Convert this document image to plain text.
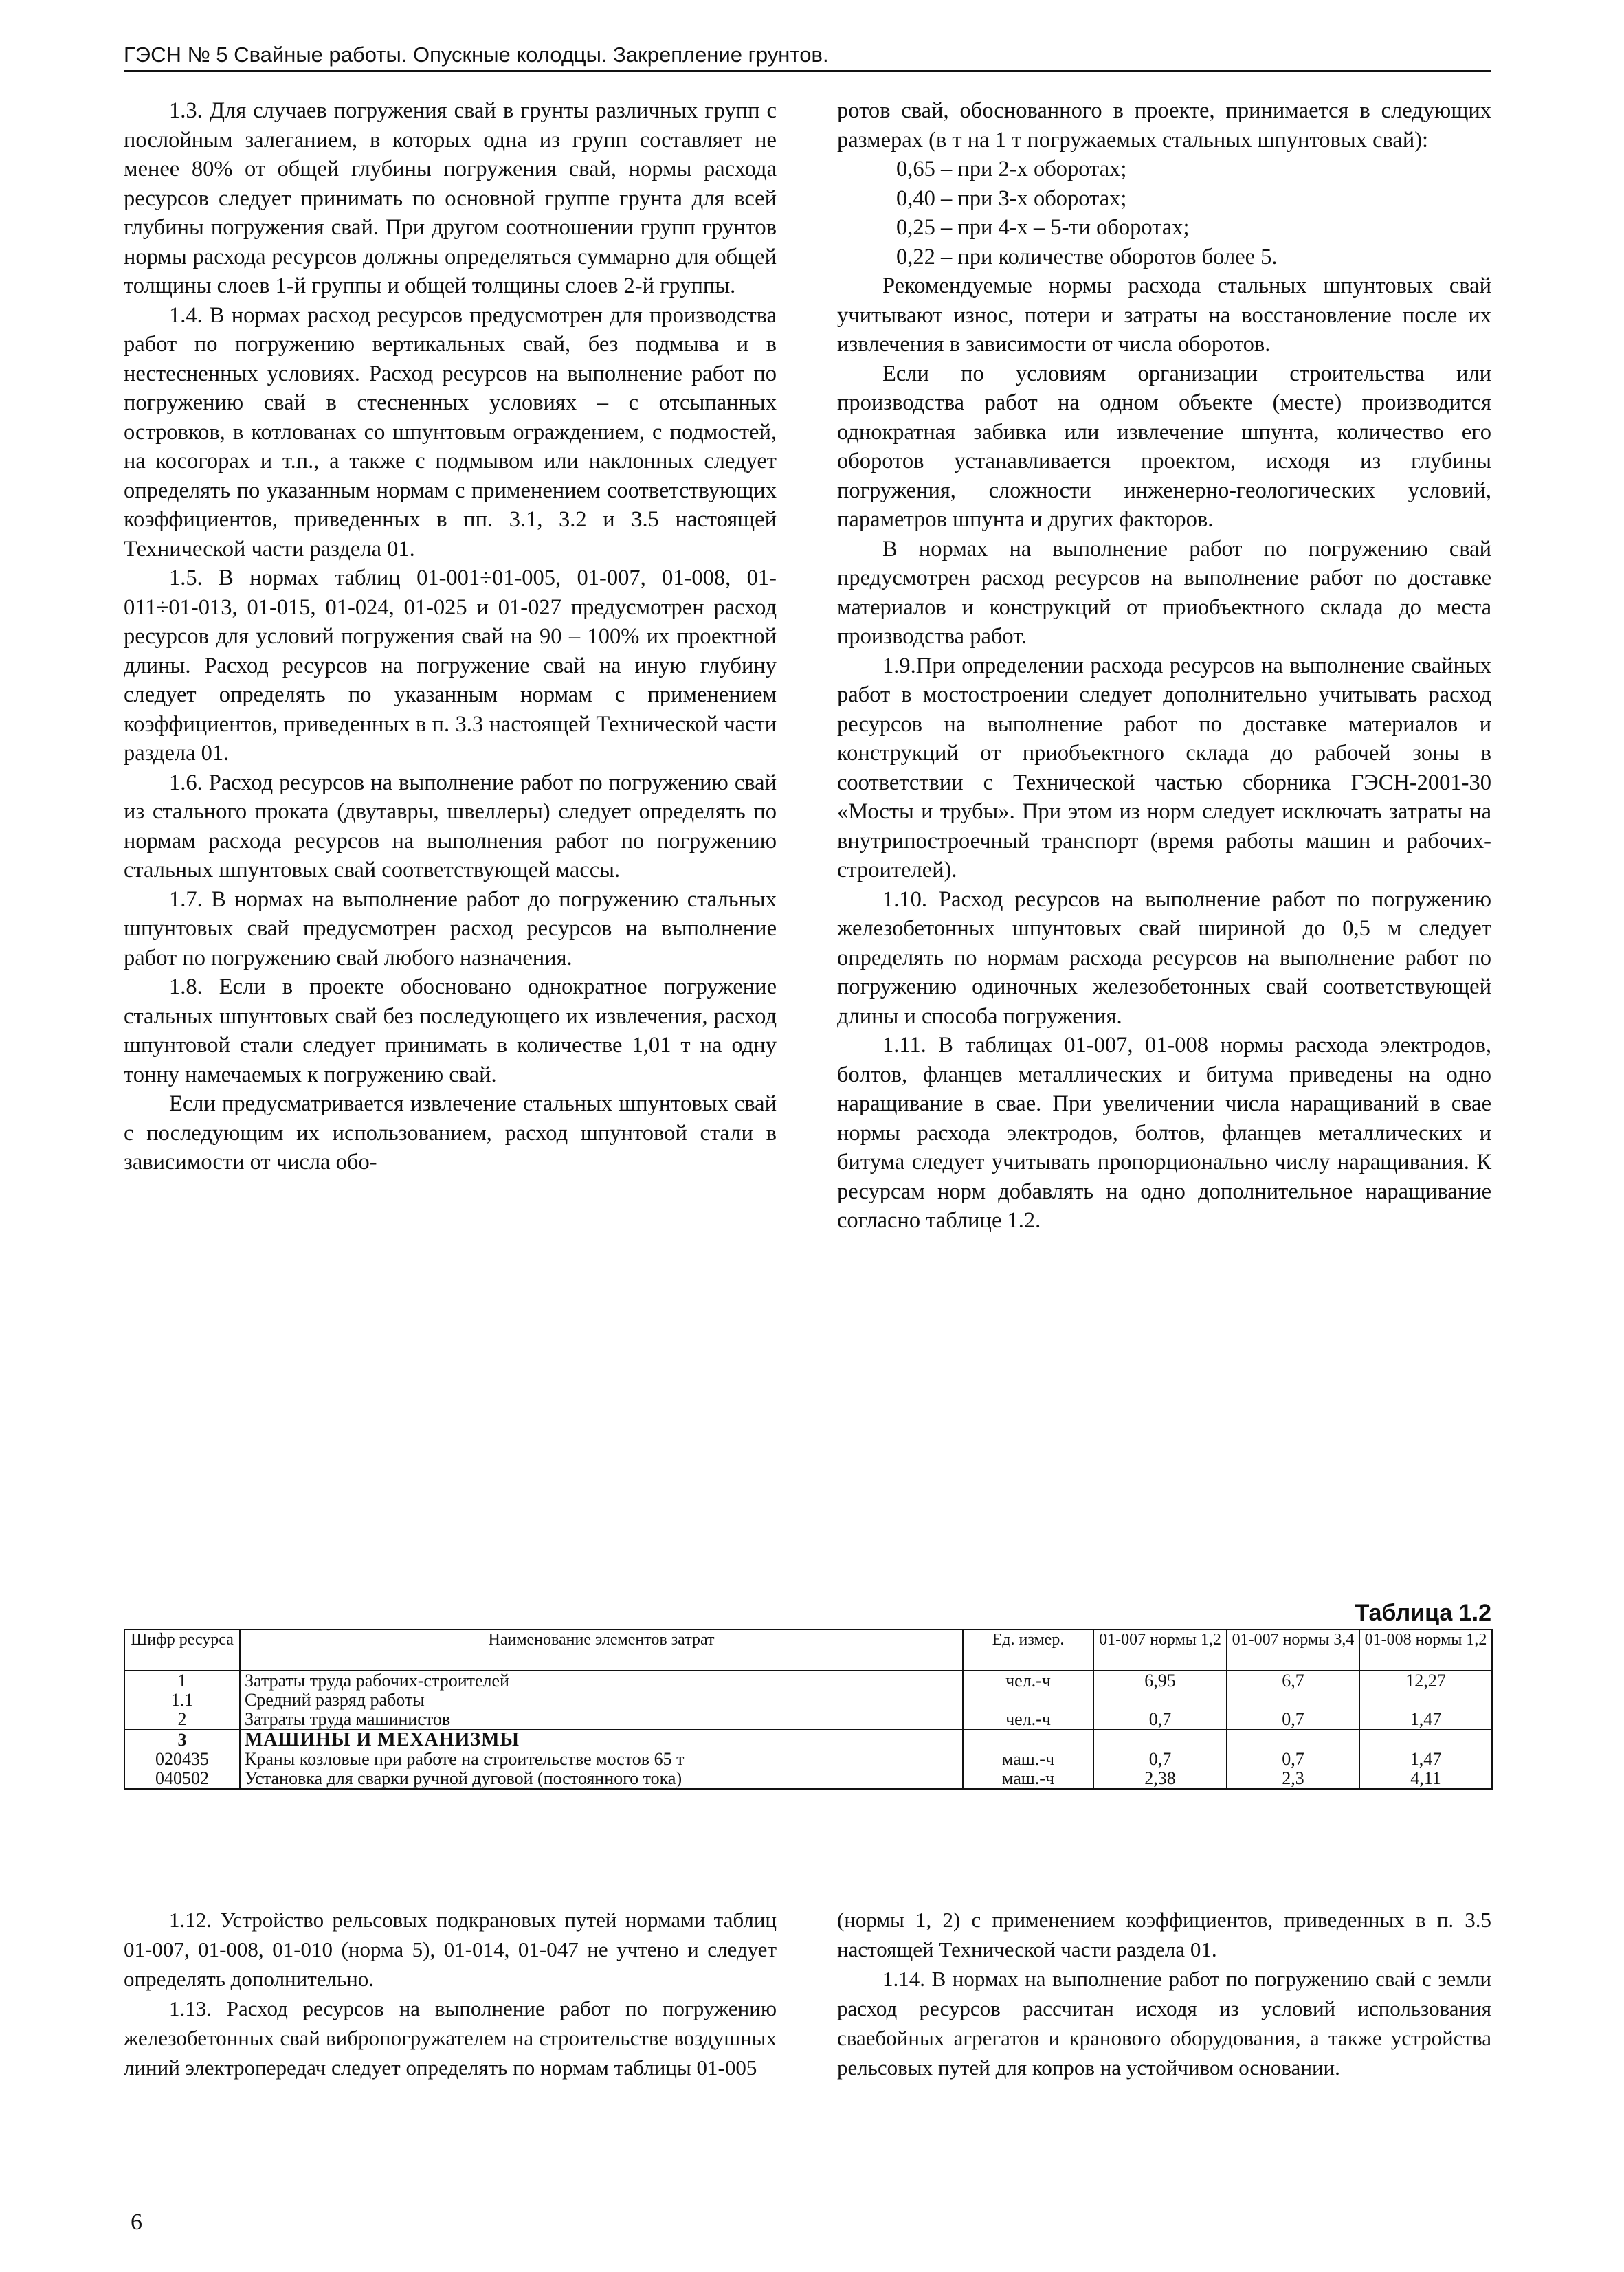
ГЭСН № 5 Свайные работы. Опускные колодцы. Закрепление грунтов.

1.3. Для случаев погружения свай в грунты различных групп с послойным залеганием, в которых одна из групп составляет не менее 80% от общей глубины погружения свай, нормы расхода ресурсов следует принимать по основной группе грунта для всей глубины погружения свай. При другом соотношении групп грунтов нормы расхода ресурсов должны определяться суммарно для общей толщины слоев 1-й группы и общей толщины слоев 2-й группы.

1.4. В нормах расход ресурсов предусмотрен для производства работ по погружению вертикальных свай, без подмыва и в нестесненных условиях. Расход ресурсов на выполнение работ по погружению свай в стесненных условиях – с отсыпанных островков, в котлованах со шпунтовым ограждением, с подмостей, на косогорах и т.п., а также с подмывом или наклонных следует определять по указанным нормам с применением соответствующих коэффициентов, приведенных в пп. 3.1, 3.2 и 3.5 настоящей Технической части раздела 01.

1.5. В нормах таблиц 01-001÷01-005, 01-007, 01-008, 01-011÷01-013, 01-015, 01-024, 01-025 и 01-027 предусмотрен расход ресурсов для условий погружения свай на 90 – 100% их проектной длины. Расход ресурсов на погружение свай на иную глубину следует определять по указанным нормам с применением коэффициентов, приведенных в п. 3.3 настоящей Технической части раздела 01.

1.6. Расход ресурсов на выполнение работ по погружению свай из стального проката (двутавры, швеллеры) следует определять по нормам расхода ресурсов на выполнения работ по погружению стальных шпунтовых свай соответствующей массы.

1.7. В нормах на выполнение работ до погружению стальных шпунтовых свай предусмотрен расход ресурсов на выполнение работ по погружению свай любого назначения.

1.8. Если в проекте обосновано однократное погружение стальных шпунтовых свай без последующего их извлечения, расход шпунтовой стали следует принимать в количестве 1,01 т на одну тонну намечаемых к погружению свай.

Если предусматривается извлечение стальных шпунтовых свай с последующим их использованием, расход шпунтовой стали в зависимости от числа обо-

ротов свай, обоснованного в проекте, принимается в следующих размерах (в т на 1 т погружаемых стальных шпунтовых свай):

0,65 – при 2-х оборотах;

0,40 – при 3-х оборотах;

0,25 – при 4-х – 5-ти оборотах;

0,22 – при количестве оборотов более 5.

Рекомендуемые нормы расхода стальных шпунтовых свай учитывают износ, потери и затраты на восстановление после их извлечения в зависимости от числа оборотов.

Если по условиям организации строительства или производства работ на одном объекте (месте) производится однократная забивка или извлечение шпунта, количество его оборотов устанавливается проектом, исходя из глубины погружения, сложности инженерно-геологических условий, параметров шпунта и других факторов.

В нормах на выполнение работ по погружению свай предусмотрен расход ресурсов на выполнение работ по доставке материалов и конструкций от приобъектного склада до места производства работ.

1.9.При определении расхода ресурсов на выполнение свайных работ в мостостроении следует дополнительно учитывать расход ресурсов на выполнение работ по доставке материалов и конструкций от приобъектного склада до рабочей зоны в соответствии с Технической частью сборника ГЭСН-2001-30 «Мосты и трубы». При этом из норм следует исключать затраты на внутрипостроечный транспорт (время работы машин и рабочих-строителей).

1.10. Расход ресурсов на выполнение работ по погружению железобетонных шпунтовых свай шириной до 0,5 м следует определять по нормам расхода ресурсов на выполнение работ по погружению одиночных железобетонных свай соответствующей длины и способа погружения.

1.11. В таблицах 01-007, 01-008 нормы расхода электродов, болтов, фланцев металлических и битума приведены на одно наращивание в свае. При увеличении числа наращиваний в свае нормы расхода электродов, болтов, фланцев металлических и битума следует учитывать пропорционально числу наращивания. К ресурсам норм добавлять на одно дополнительное наращивание согласно таблице 1.2.

Таблица 1.2
Шифр ресурса	Наименование элементов затрат	Ед. измер.	01-007 нормы 1,2	01-007 нормы 3,4	01-008 нормы 1,2
1	Затраты труда рабочих-строителей	чел.-ч	6,95	6,7	12,27
1.1	Средний разряд работы				
2	Затраты труда машинистов	чел.-ч	0,7	0,7	1,47
3	МАШИНЫ И МЕХАНИЗМЫ				
020435	Краны козловые при работе на строительстве мостов 65 т	маш.-ч	0,7	0,7	1,47
040502	Установка для сварки ручной дуговой (постоянного тока)	маш.-ч	2,38	2,3	4,11

1.12. Устройство рельсовых подкрановых путей нормами таблиц 01-007, 01-008, 01-010 (норма 5), 01-014, 01-047 не учтено и следует определять дополнительно.

1.13. Расход ресурсов на выполнение работ по погружению железобетонных свай вибропогружателем на строительстве воздушных линий электропередач следует определять по нормам таблицы 01-005

(нормы 1, 2) с применением коэффициентов, приведенных в п. 3.5 настоящей Технической части раздела 01.

1.14. В нормах на выполнение работ по погружению свай с земли расход ресурсов рассчитан исходя из условий использования сваебойных агрегатов и кранового оборудования, а также устройства рельсовых путей для копров на устойчивом основании.

6
